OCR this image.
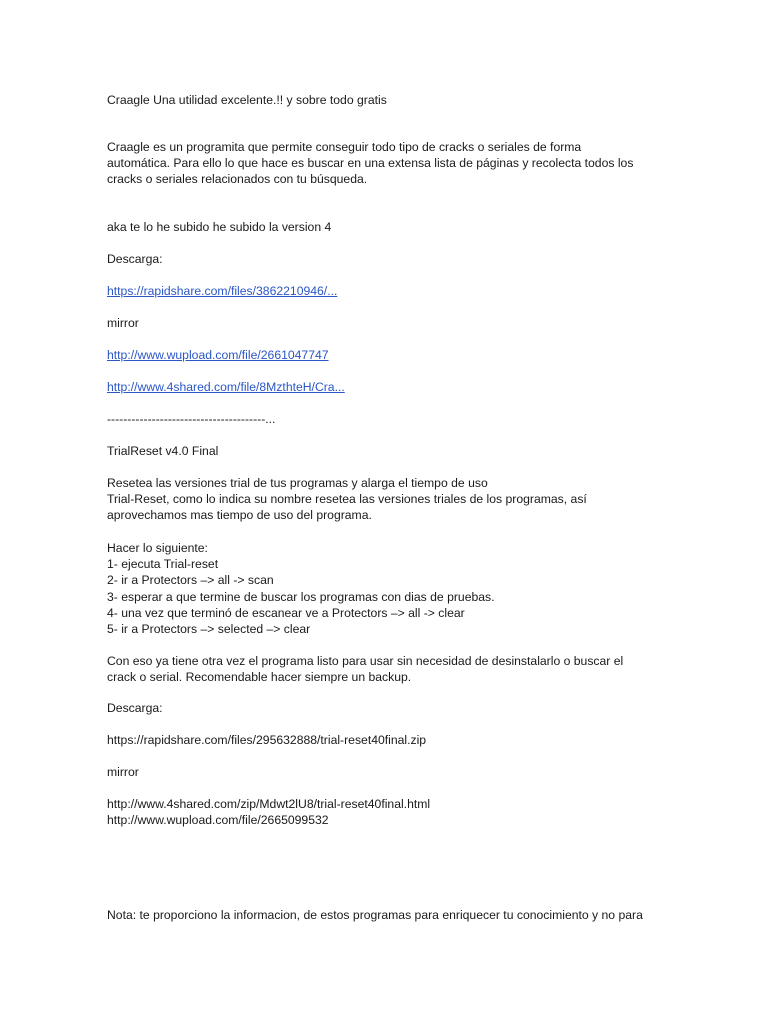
Craagle Una utilidad excelente.!! y sobre todo gratis
Craagle es un programita que permite conseguir todo tipo de cracks o seriales de forma
automática. Para ello lo que hace es buscar en una extensa lista de páginas y recolecta todos los
cracks o seriales relacionados con tu búsqueda.
aka te lo he subido he subido la version 4
Descarga:
https://rapidshare.com/files/3862210946/...
mirror
http://www.wupload.com/file/2661047747
http://www.4shared.com/file/8MzthteH/Cra...
---------------------------------------...
TrialReset v4.0 Final
Resetea las versiones trial de tus programas y alarga el tiempo de uso
Trial-Reset, como lo indica su nombre resetea las versiones triales de los programas, así
aprovechamos mas tiempo de uso del programa.
Hacer lo siguiente:
1- ejecuta Trial-reset
2- ir a Protectors –> all -> scan
3- esperar a que termine de buscar los programas con dias de pruebas.
4- una vez que terminó de escanear ve a Protectors –> all -> clear
5- ir a Protectors –> selected –> clear
Con eso ya tiene otra vez el programa listo para usar sin necesidad de desinstalarlo o buscar el
crack o serial. Recomendable hacer siempre un backup.
Descarga:
https://rapidshare.com/files/295632888/trial-reset40final.zip
mirror
http://www.4shared.com/zip/Mdwt2lU8/trial-reset40final.html
http://www.wupload.com/file/2665099532
Nota: te proporciono la informacion, de estos programas para enriquecer tu conocimiento y no para
